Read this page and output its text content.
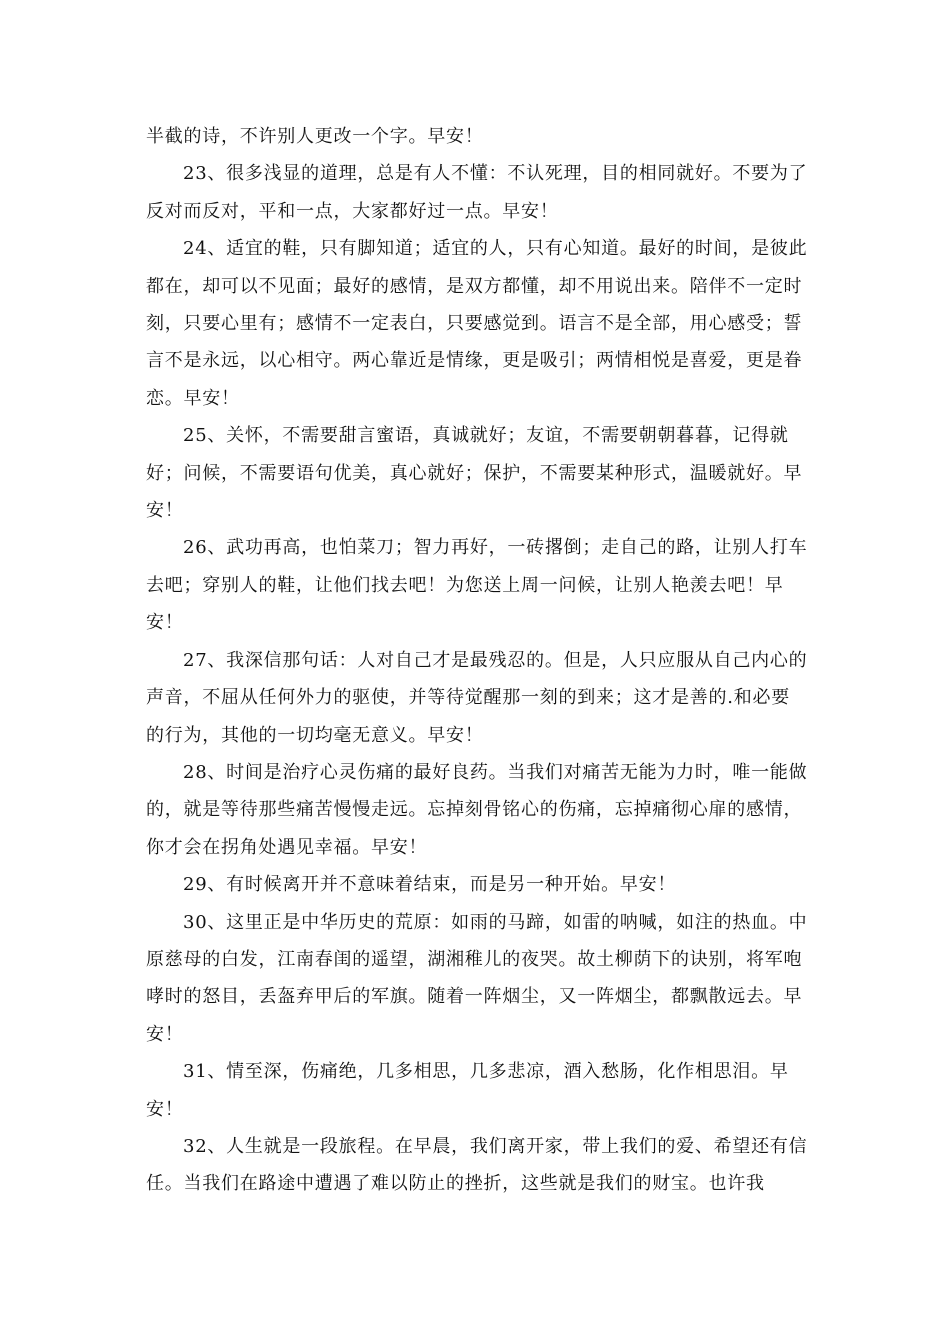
半截的诗，不许别人更改一个字。早安！

23、很多浅显的道理，总是有人不懂：不认死理，目的相同就好。不要为了反对而反对，平和一点，大家都好过一点。早安！

24、适宜的鞋，只有脚知道；适宜的人，只有心知道。最好的时间，是彼此都在，却可以不见面；最好的感情，是双方都懂，却不用说出来。陪伴不一定时刻，只要心里有；感情不一定表白，只要感觉到。语言不是全部，用心感受；誓言不是永远，以心相守。两心靠近是情缘，更是吸引；两情相悦是喜爱，更是眷恋。早安！

25、关怀，不需要甜言蜜语，真诚就好；友谊，不需要朝朝暮暮，记得就好；问候，不需要语句优美，真心就好；保护，不需要某种形式，温暖就好。早安！

26、武功再高，也怕菜刀；智力再好，一砖撂倒；走自己的路，让别人打车去吧；穿别人的鞋，让他们找去吧！为您送上周一问候，让别人艳羡去吧！早安！

27、我深信那句话：人对自己才是最残忍的。但是，人只应服从自己内心的声音，不屈从任何外力的驱使，并等待觉醒那一刻的到来；这才是善的.和必要的行为，其他的一切均毫无意义。早安！

28、时间是治疗心灵伤痛的最好良药。当我们对痛苦无能为力时，唯一能做的，就是等待那些痛苦慢慢走远。忘掉刻骨铭心的伤痛，忘掉痛彻心扉的感情，你才会在拐角处遇见幸福。早安！

29、有时候离开并不意味着结束，而是另一种开始。早安！

30、这里正是中华历史的荒原：如雨的马蹄，如雷的呐喊，如注的热血。中原慈母的白发，江南春闺的遥望，湖湘稚儿的夜哭。故土柳荫下的诀别，将军咆哮时的怒目，丢盔弃甲后的军旗。随着一阵烟尘，又一阵烟尘，都飘散远去。早安！

31、情至深，伤痛绝，几多相思，几多悲凉，酒入愁肠，化作相思泪。早安！

32、人生就是一段旅程。在早晨，我们离开家，带上我们的爱、希望还有信任。当我们在路途中遭遇了难以防止的挫折，这些就是我们的财宝。也许我
